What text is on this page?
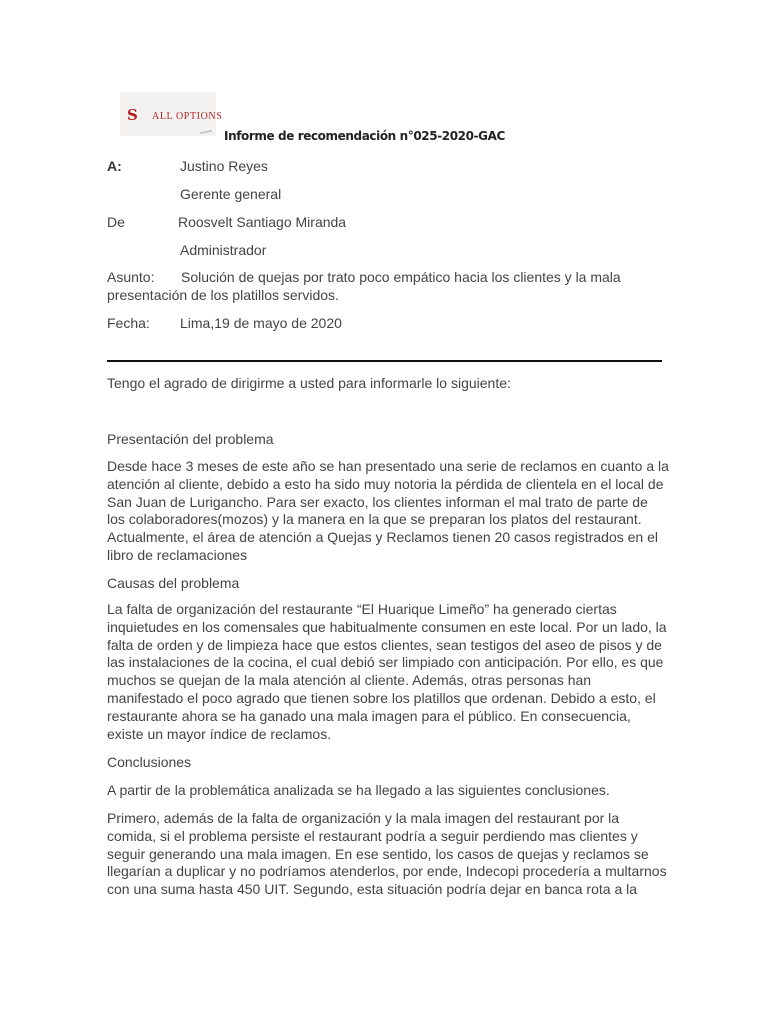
S	ALL OPTIONS
Informe de recomendación n°025-2020-GAC
A:	Justino Reyes
Gerente general
De	Roosvelt Santiago Miranda
Administrador
Asunto: Solución de quejas por trato poco empático hacia los clientes y la mala
presentación de los platillos servidos.
Fecha: Lima,19 de mayo de 2020
Tengo el agrado de dirigirme a usted para informarle lo siguiente:
Presentación del problema
Desde hace 3 meses de este año se han presentado una serie de reclamos en cuanto a la
atención al cliente, debido a esto ha sido muy notoria la pérdida de clientela en el local de
San Juan de Lurigancho. Para ser exacto, los clientes informan el mal trato de parte de
los colaboradores(mozos) y la manera en la que se preparan los platos del restaurant.
Actualmente, el área de atención a Quejas y Reclamos tienen 20 casos registrados en el
libro de reclamaciones
Causas del problema
La falta de organización del restaurante “El Huarique Limeño” ha generado ciertas
inquietudes en los comensales que habitualmente consumen en este local. Por un lado, la
falta de orden y de limpieza hace que estos clientes, sean testigos del aseo de pisos y de
las instalaciones de la cocina, el cual debió ser limpiado con anticipación. Por ello, es que
muchos se quejan de la mala atención al cliente. Además, otras personas han
manifestado el poco agrado que tienen sobre los platillos que ordenan. Debido a esto, el
restaurante ahora se ha ganado una mala imagen para el público. En consecuencia,
existe un mayor índice de reclamos.
Conclusiones
A partir de la problemática analizada se ha llegado a las siguientes conclusiones.
Primero, además de la falta de organización y la mala imagen del restaurant por la
comida, si el problema persiste el restaurant podría a seguir perdiendo mas clientes y
seguir generando una mala imagen. En ese sentido, los casos de quejas y reclamos se
llegarían a duplicar y no podríamos atenderlos, por ende, Indecopi procedería a multarnos
con una suma hasta 450 UIT. Segundo, esta situación podría dejar en banca rota a la
